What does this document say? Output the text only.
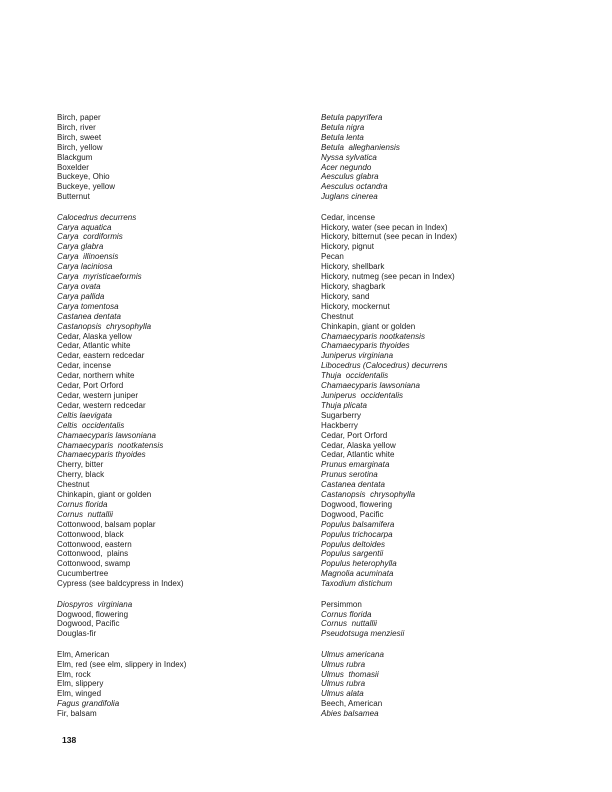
Birch, paper
Birch, river
Birch, sweet
Birch, yellow
Blackgum
Boxelder
Buckeye, Ohio
Buckeye, yellow
Butternut
Calocedrus decurrens
Carya aquatica
Carya  cordiformis
Carya glabra
Carya  illinoensis
Carya laciniosa
Carya  myristicaeformis
Carya ovata
Carya pallida
Carya tomentosa
Castanea dentata
Castanopsis  chrysophylla
Cedar, Alaska yellow
Cedar, Atlantic white
Cedar, eastern redcedar
Cedar, incense
Cedar, northern white
Cedar, Port Orford
Cedar, western juniper
Cedar, western redcedar
Celtis laevigata
Celtis  occidentalis
Chamaecyparis lawsoniana
Chamaecyparis  nootkatensis
Chamaecyparis thyoides
Cherry, bitter
Cherry, black
Chestnut
Chinkapin, giant or golden
Cornus florida
Cornus  nuttallii
Cottonwood, balsam poplar
Cottonwood, black
Cottonwood, eastern
Cottonwood,  plains
Cottonwood, swamp
Cucumbertree
Cypress (see baldcypress in Index)
Diospyros  virginiana
Dogwood, flowering
Dogwood, Pacific
Douglas-fir
Elm, American
Elm, red (see elm, slippery in Index)
Elm, rock
Elm, slippery
Elm, winged
Fagus grandifolia
Fir, balsam
Betula papyrifera
Betula nigra
Betula lenta
Betula  alleghaniensis
Nyssa sylvatica
Acer negundo
Aesculus glabra
Aesculus octandra
Juglans cinerea
Cedar, incense
Hickory, water (see pecan in Index)
Hickory, bitternut (see pecan in Index)
Hickory, pignut
Pecan
Hickory, shellbark
Hickory, nutmeg (see pecan in Index)
Hickory, shagbark
Hickory, sand
Hickory, mockernut
Chestnut
Chinkapin, giant or golden
Chamaecyparis nootkatensis
Chamaecyparis thyoides
Juniperus virginiana
Libocedrus (Calocedrus) decurrens
Thuja  occidentalis
Chamaecyparis lawsoniana
Juniperus  occidentalis
Thuja plicata
Sugarberry
Hackberry
Cedar, Port Orford
Cedar, Alaska yellow
Cedar, Atlantic white
Prunus emarginata
Prunus serotina
Castanea dentata
Castanopsis  chrysophylla
Dogwood, flowering
Dogwood, Pacific
Populus balsamifera
Populus trichocarpa
Populus deltoides
Populus sargentii
Populus heterophylla
Magnolia acuminata
Taxodium distichum
Persimmon
Cornus florida
Cornus  nuttallii
Pseudotsuga menziesii
Ulmus americana
Ulmus rubra
Ulmus  thomasii
Ulmus rubra
Ulmus alata
Beech, American
Abies balsamea
138
